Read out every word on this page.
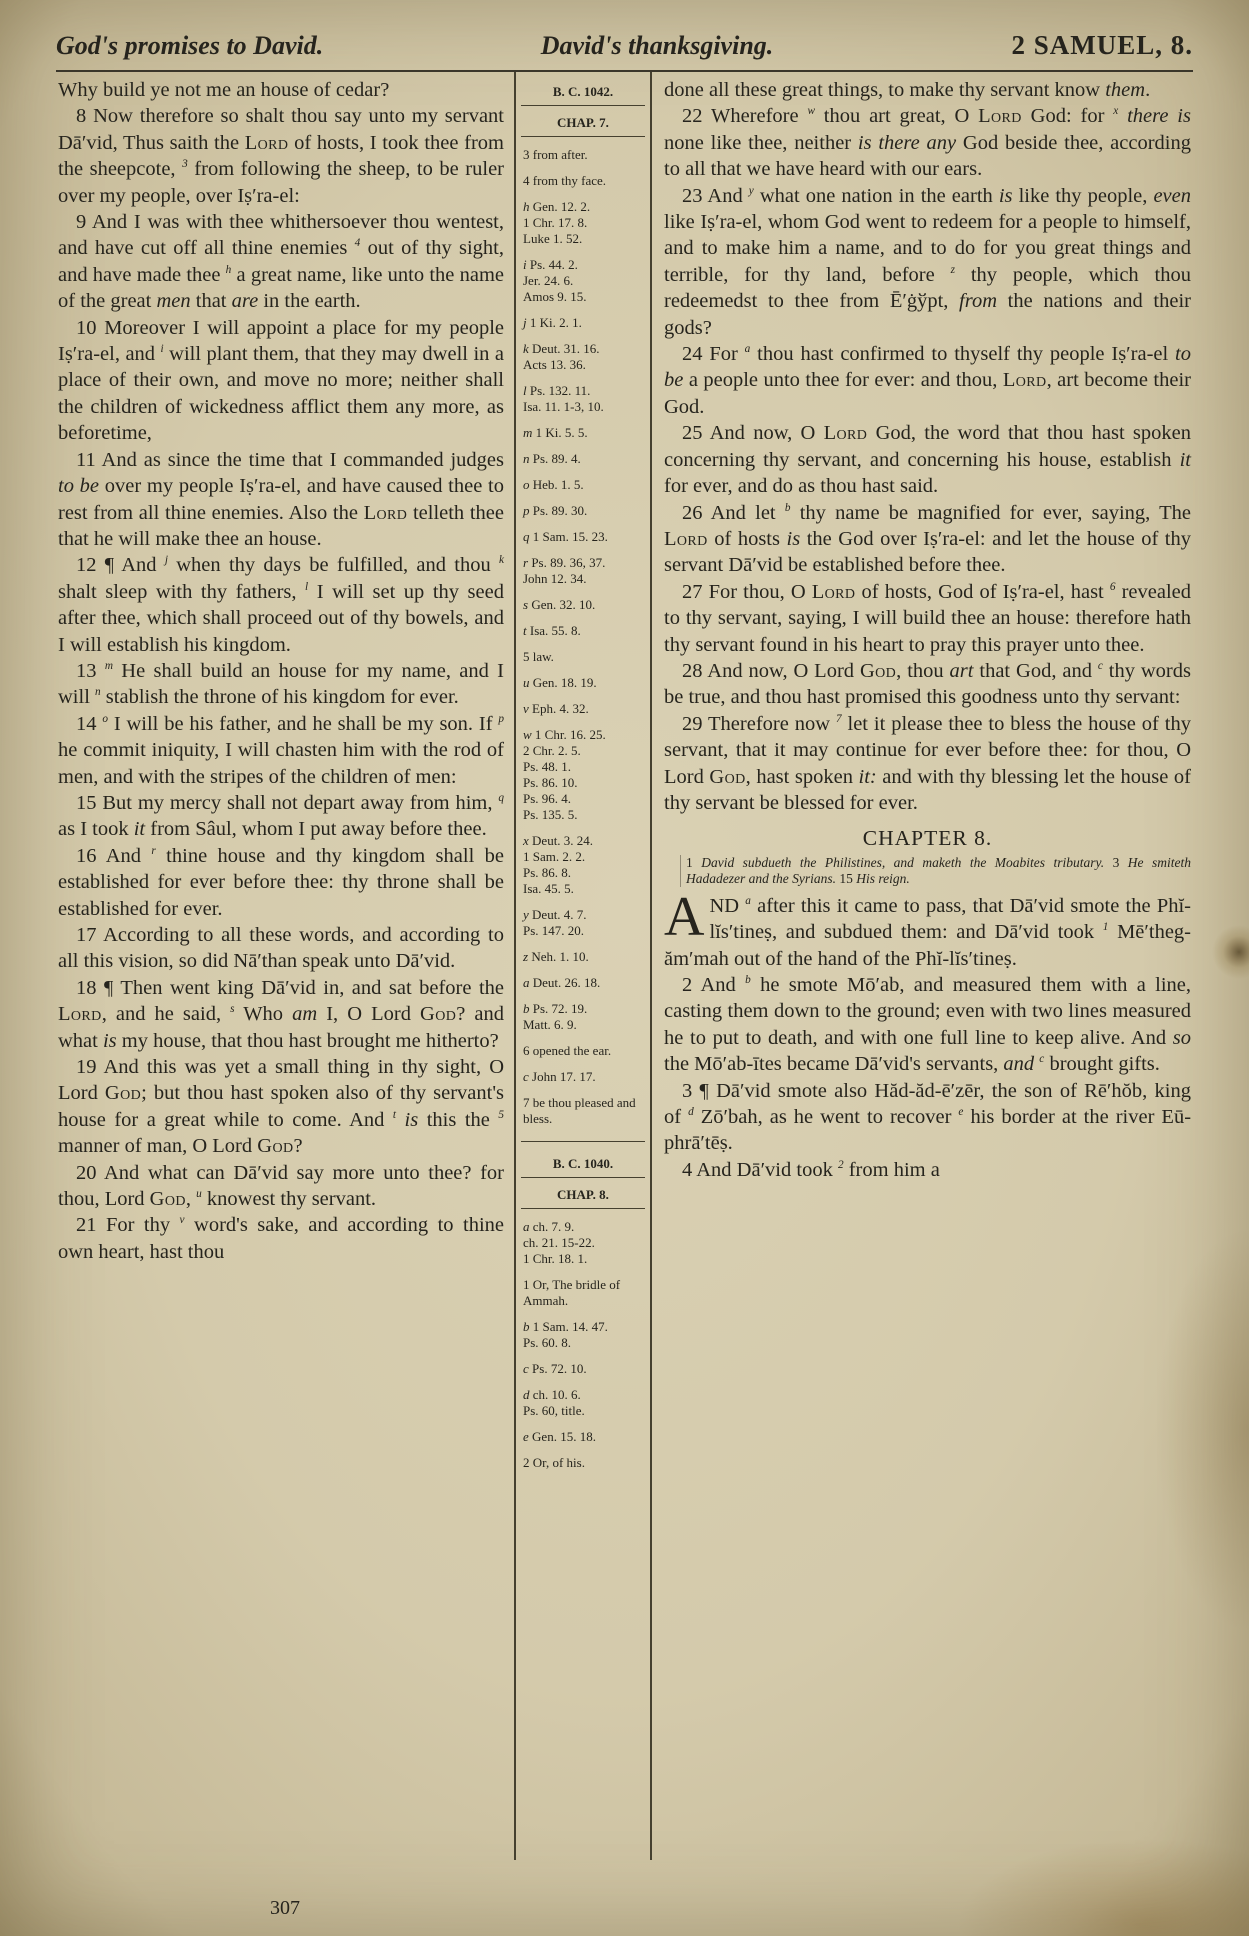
God's promises to David.	David's thanksgiving.	2 SAMUEL, 8.
Why build ye not me an house of cedar?
8 Now therefore so shalt thou say unto my servant Dā′vid, Thus saith the Lord of hosts, I took thee from the sheepcote, $^3$ from following the sheep, to be ruler over my people, over Iṣ′ra-el:
9 And I was with thee whithersoever thou wentest, and have cut off all thine enemies $^4$ out of thy sight, and have made thee $^h$ a great name, like unto the name of the great men that are in the earth.
10 Moreover I will appoint a place for my people Iṣ′ra-el, and $^i$ will plant them, that they may dwell in a place of their own, and move no more; neither shall the children of wickedness afflict them any more, as beforetime,
11 And as since the time that I commanded judges to be over my people Iṣ′ra-el, and have caused thee to rest from all thine enemies. Also the Lord telleth thee that he will make thee an house.
12 ¶ And $^j$ when thy days be fulfilled, and thou $^k$ shalt sleep with thy fathers, $^l$ I will set up thy seed after thee, which shall proceed out of thy bowels, and I will establish his kingdom.
13 $^m$ He shall build an house for my name, and I will $^n$ stablish the throne of his kingdom for ever.
14 $^o$ I will be his father, and he shall be my son. If $^p$ he commit iniquity, I will chasten him with the rod of men, and with the stripes of the children of men:
15 But my mercy shall not depart away from him, $^q$ as I took it from Sâul, whom I put away before thee.
16 And $^r$ thine house and thy kingdom shall be established for ever before thee: thy throne shall be established for ever.
17 According to all these words, and according to all this vision, so did Nā′than speak unto Dā′vid.
18 ¶ Then went king Dā′vid in, and sat before the Lord, and he said, $^s$ Who am I, O Lord God? and what is my house, that thou hast brought me hitherto?
19 And this was yet a small thing in thy sight, O Lord God; but thou hast spoken also of thy servant's house for a great while to come. And $^t$ is this the $^5$ manner of man, O Lord God?
20 And what can Dā′vid say more unto thee? for thou, Lord God, $^u$ knowest thy servant.
21 For thy $^v$ word's sake, and according to thine own heart, hast thou
B. C. 1042.
CHAP. 7.
3 from after.
4 from thy face.
h Gen. 12. 2.
1 Chr. 17. 8.
Luke 1. 52.
i Ps. 44. 2.
Jer. 24. 6.
Amos 9. 15.
j 1 Ki. 2. 1.
k Deut. 31. 16.
Acts 13. 36.
l Ps. 132. 11.
Isa. 11. 1-3, 10.
m 1 Ki. 5. 5.
n Ps. 89. 4.
o Heb. 1. 5.
p Ps. 89. 30.
q 1 Sam. 15. 23.
r Ps. 89. 36, 37.
John 12. 34.
s Gen. 32. 10.
t Isa. 55. 8.
5 law.
u Gen. 18. 19.
v Eph. 4. 32.
w 1 Chr. 16. 25.
2 Chr. 2. 5.
Ps. 48. 1.
Ps. 86. 10.
Ps. 96. 4.
Ps. 135. 5.
x Deut. 3. 24.
1 Sam. 2. 2.
Ps. 86. 8.
Isa. 45. 5.
y Deut. 4. 7.
Ps. 147. 20.
z Neh. 1. 10.
a Deut. 26. 18.
b Ps. 72. 19.
Matt. 6. 9.
6 opened the ear.
c John 17. 17.
7 be thou pleased and bless.
B. C. 1040.
CHAP. 8.
a ch. 7. 9.
ch. 21. 15-22.
1 Chr. 18. 1.
1 Or, The bridle of Ammah.
b 1 Sam. 14. 47.
Ps. 60. 8.
c Ps. 72. 10.
d ch. 10. 6.
Ps. 60, title.
e Gen. 15. 18.
2 Or, of his.
done all these great things, to make thy servant know them.
22 Wherefore $^w$ thou art great, O Lord God: for $^x$ there is none like thee, neither is there any God beside thee, according to all that we have heard with our ears.
23 And $^y$ what one nation in the earth is like thy people, even like Iṣ′ra-el, whom God went to redeem for a people to himself, and to make him a name, and to do for you great things and terrible, for thy land, before $^z$ thy people, which thou redeemedst to thee from Ē′ġўpt, from the nations and their gods?
24 For $^a$ thou hast confirmed to thyself thy people Iṣ′ra-el to be a people unto thee for ever: and thou, Lord, art become their God.
25 And now, O Lord God, the word that thou hast spoken concerning thy servant, and concerning his house, establish it for ever, and do as thou hast said.
26 And let $^b$ thy name be magnified for ever, saying, The Lord of hosts is the God over Iṣ′ra-el: and let the house of thy servant Dā′vid be established before thee.
27 For thou, O Lord of hosts, God of Iṣ′ra-el, hast $^6$ revealed to thy servant, saying, I will build thee an house: therefore hath thy servant found in his heart to pray this prayer unto thee.
28 And now, O Lord God, thou art that God, and $^c$ thy words be true, and thou hast promised this goodness unto thy servant:
29 Therefore now $^7$ let it please thee to bless the house of thy servant, that it may continue for ever before thee: for thou, O Lord God, hast spoken it: and with thy blessing let the house of thy servant be blessed for ever.
CHAPTER 8.
1 David subdueth the Philistines, and maketh the Moabites tributary. 3 He smiteth Hadadezer and the Syrians. 15 His reign.
AND $^a$ after this it came to pass, that Dā′vid smote the Phĭ-lĭs′tineṣ, and subdued them: and Dā′vid took $^1$ Mē′theg-ăm′mah out of the hand of the Phĭ-lĭs′tineṣ.
2 And $^b$ he smote Mō′ab, and measured them with a line, casting them down to the ground; even with two lines measured he to put to death, and with one full line to keep alive. And so the Mō′ab-ītes became Dā′vid's servants, and $^c$ brought gifts.
3 ¶ Dā′vid smote also Hăd-ăd-ē′zēr, the son of Rē′hŏb, king of $^d$ Zō′bah, as he went to recover $^e$ his border at the river Eū-phrā′tēṣ.
4 And Dā′vid took $^2$ from him a
307
